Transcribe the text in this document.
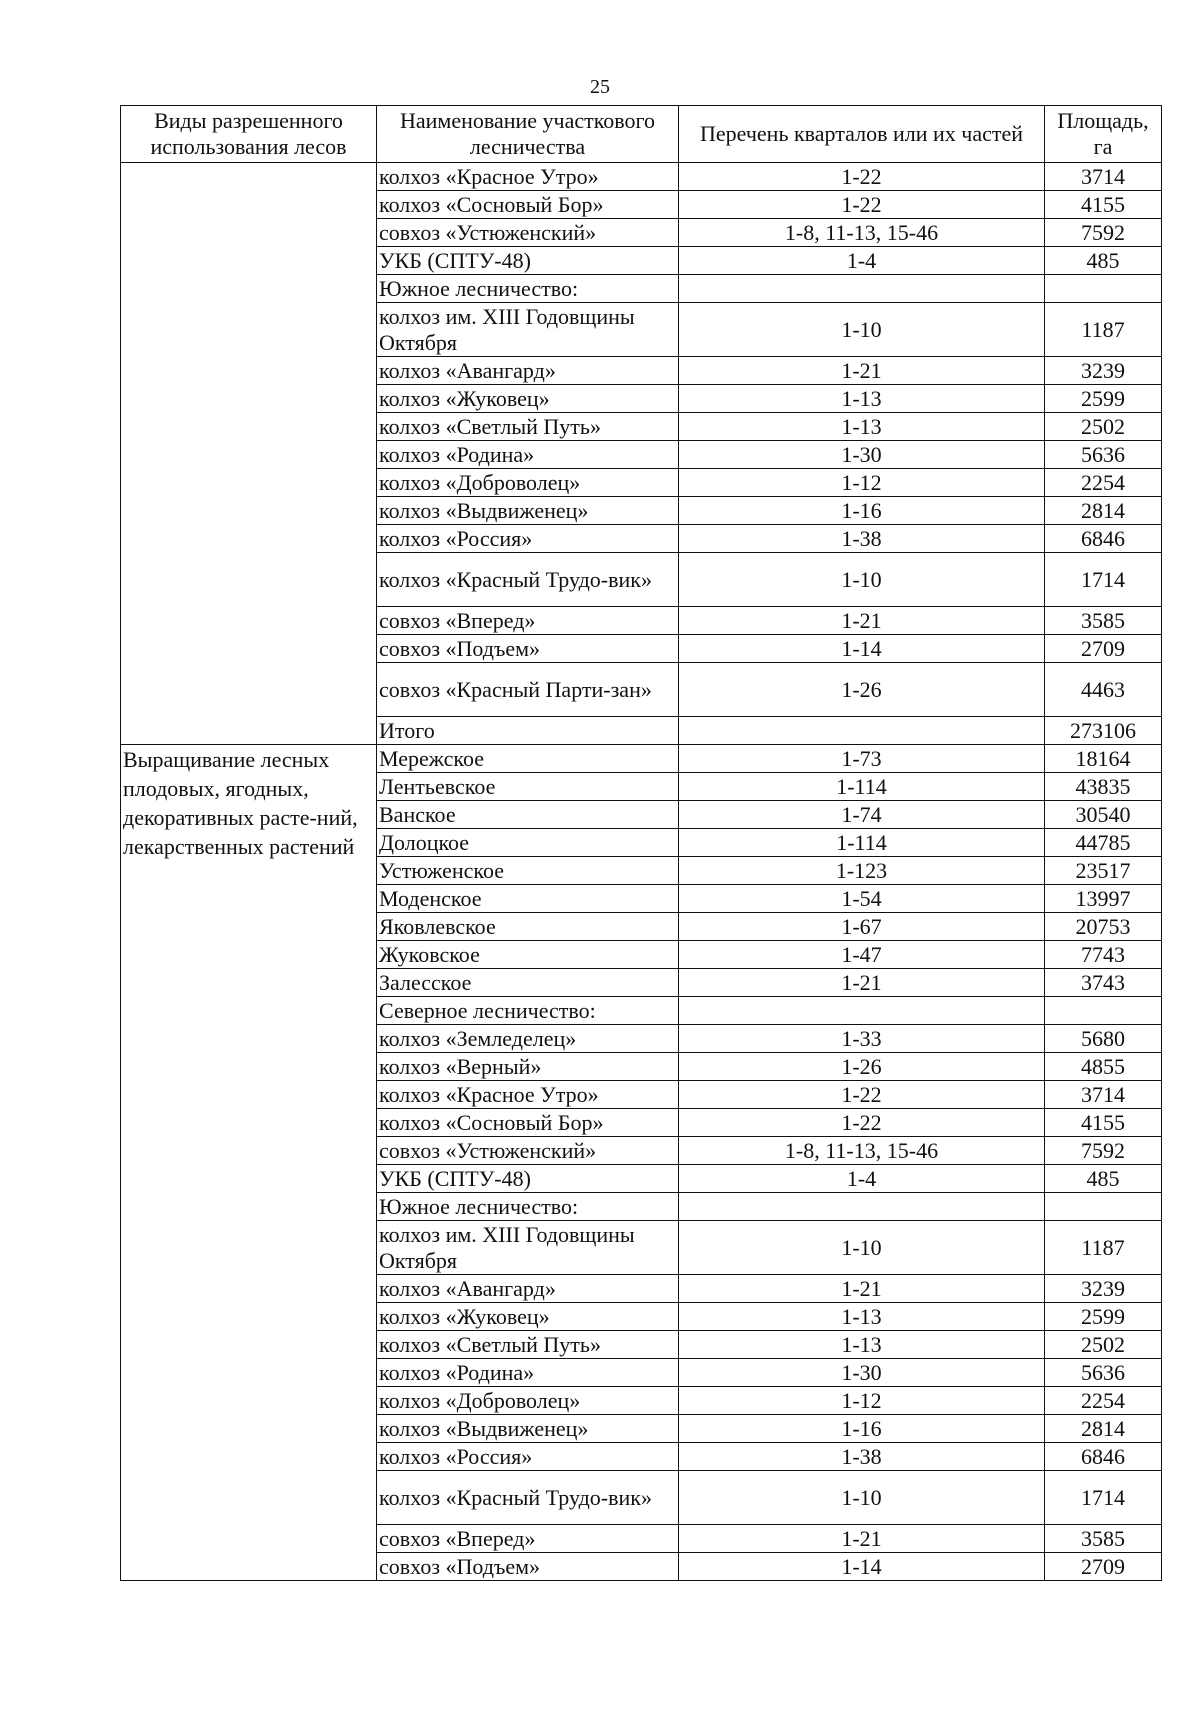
25
Виды разрешенного использования лесов	Наименование участкового лесничества	Перечень кварталов или их частей	Площадь, га
	колхоз «Красное Утро»	1-22	3714
	колхоз «Сосновый Бор»	1-22	4155
	совхоз «Устюженский»	1-8, 11-13, 15-46	7592
	УКБ (СПТУ-48)	1-4	485
	Южное лесничество:		
	колхоз им. XIII Годовщины Октября	1-10	1187
	колхоз «Авангард»	1-21	3239
	колхоз «Жуковец»	1-13	2599
	колхоз «Светлый Путь»	1-13	2502
	колхоз «Родина»	1-30	5636
	колхоз «Доброволец»	1-12	2254
	колхоз «Выдвиженец»	1-16	2814
	колхоз «Россия»	1-38	6846
	колхоз «Красный Трудо-вик»	1-10	1714
	совхоз «Вперед»	1-21	3585
	совхоз «Подъем»	1-14	2709
	совхоз «Красный Парти-зан»	1-26	4463
	Итого		273106
Выращивание лесных плодовых, ягодных, декоративных расте-ний, лекарственных растений	Мережское	1-73	18164
	Лентьевское	1-114	43835
	Ванское	1-74	30540
	Долоцкое	1-114	44785
	Устюженское	1-123	23517
	Моденское	1-54	13997
	Яковлевское	1-67	20753
	Жуковское	1-47	7743
	Залесское	1-21	3743
	Северное лесничество:		
	колхоз «Земледелец»	1-33	5680
	колхоз «Верный»	1-26	4855
	колхоз «Красное Утро»	1-22	3714
	колхоз «Сосновый Бор»	1-22	4155
	совхоз «Устюженский»	1-8, 11-13, 15-46	7592
	УКБ (СПТУ-48)	1-4	485
	Южное лесничество:		
	колхоз им. XIII Годовщины Октября	1-10	1187
	колхоз «Авангард»	1-21	3239
	колхоз «Жуковец»	1-13	2599
	колхоз «Светлый Путь»	1-13	2502
	колхоз «Родина»	1-30	5636
	колхоз «Доброволец»	1-12	2254
	колхоз «Выдвиженец»	1-16	2814
	колхоз «Россия»	1-38	6846
	колхоз «Красный Трудо-вик»	1-10	1714
	совхоз «Вперед»	1-21	3585
	совхоз «Подъем»	1-14	2709
